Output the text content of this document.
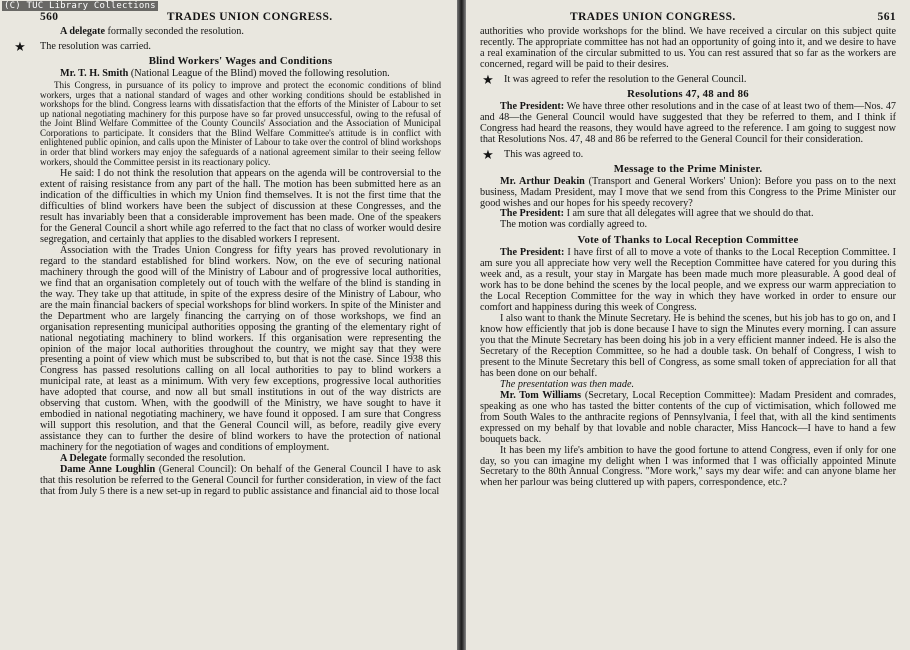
(C) TUC Library Collections
560	TRADES UNION CONGRESS.

A delegate formally seconded the resolution.

★	The resolution was carried.
Blind Workers' Wages and Conditions

Mr. T. H. Smith (National League of the Blind) moved the following resolution.

This Congress, in pursuance of its policy to improve and protect the economic conditions of blind workers, urges that a national standard of wages and other working conditions should be established in workshops for the blind. Congress learns with dissatisfaction that the efforts of the Minister of Labour to set up national negotiating machinery for this purpose have so far proved unsuccessful, owing to the refusal of the Joint Blind Welfare Committee of the County Councils' Association and the Association of Municipal Corporations to participate. It considers that the Blind Welfare Committee's attitude is in conflict with enlightened public opinion, and calls upon the Minister of Labour to take over the control of blind workshops in order that blind workers may enjoy the safeguards of a national agreement similar to their seeing fellow workers, should the Committee persist in its reactionary policy.

He said: I do not think the resolution that appears on the agenda will be controversial to the extent of raising resistance from any part of the hall. The motion has been submitted here as an indication of the difficulties in which my Union find themselves. It is not the first time that the difficulties of blind workers have been the subject of discussion at these Congresses, and the result has invariably been that a considerable improvement has been made. One of the speakers for the General Council a short while ago referred to the fact that no class of worker would desire segregation, and certainly that applies to the disabled workers I represent.

Association with the Trades Union Congress for fifty years has proved revolutionary in regard to the standard established for blind workers. Now, on the eve of securing national machinery through the good will of the Ministry of Labour and of progressive local authorities, we find that an organisation completely out of touch with the welfare of the blind is standing in the way. They take up that attitude, in spite of the express desire of the Ministry of Labour, who are the main financial backers of special workshops for blind workers. In spite of the Minister and the Department who are largely financing the carrying on of those workshops, we find an organisation representing municipal authorities opposing the granting of the elementary right of national negotiating machinery to blind workers. If this organisation were representing the opinion of the major local authorities throughout the country, we might say that they were presenting a point of view which must be subscribed to, but that is not the case. Since 1938 this Congress has passed resolutions calling on all local authorities to pay to blind workers a municipal rate, at least as a minimum. With very few exceptions, progressive local authorities have adopted that course, and now all but small institutions in out of the way districts are observing that custom. When, with the goodwill of the Ministry, we have sought to have it embodied in national negotiating machinery, we have found it opposed. I am sure that Congress will support this resolution, and that the General Council will, as before, readily give every assistance they can to further the desire of blind workers to have the protection of national machinery for the negotiation of wages and conditions of employment.

A Delegate formally seconded the resolution.

Dame Anne Loughlin (General Council): On behalf of the General Council I have to ask that this resolution be referred to the General Council for further consideration, in view of the fact that from July 5 there is a new set-up in regard to public assistance and financial aid to those local

TRADES UNION CONGRESS.	561

authorities who provide workshops for the blind. We have received a circular on this subject quite recently. The appropriate committee has not had an opportunity of going into it, and we desire to have a real examination of the circular submitted to us. You can rest assured that so far as the workers are concerned, regard will be paid to their desires.

★ It was agreed to refer the resolution to the General Council.
Resolutions 47, 48 and 86

The President: We have three other resolutions and in the case of at least two of them—Nos. 47 and 48—the General Council would have suggested that they be referred to them, and I think if Congress had heard the reasons, they would have agreed to the reference. I am going to suggest now that Resolutions Nos. 47, 48 and 86 be referred to the General Council for their consideration.

★ This was agreed to.
Message to the Prime Minister.

Mr. Arthur Deakin (Transport and General Workers' Union): Before you pass on to the next business, Madam President, may I move that we send from this Congress to the Prime Minister our good wishes and our hopes for his speedy recovery?

The President: I am sure that all delegates will agree that we should do that.

The motion was cordially agreed to.

Vote of Thanks to Local Reception Committee

The President: I have first of all to move a vote of thanks to the Local Reception Committee. I am sure you all appreciate how very well the Reception Committee have catered for you during this week and, as a result, your stay in Margate has been made much more pleasurable. A good deal of work has to be done behind the scenes by the local people, and we express our warm appreciation to the Local Reception Committee for the way in which they have worked in order to ensure our comfort and happiness during this week of Congress.

I also want to thank the Minute Secretary. He is behind the scenes, but his job has to go on, and I know how efficiently that job is done because I have to sign the Minutes every morning. I can assure you that the Minute Secretary has been doing his job in a very efficient manner indeed. He is also the Secretary of the Reception Committee, so he had a double task. On behalf of Congress, I wish to present to the Minute Secretary this bell of Congress, as some small token of appreciation for all that has been done on our behalf.

The presentation was then made.

Mr. Tom Williams (Secretary, Local Reception Committee): Madam President and comrades, speaking as one who has tasted the bitter contents of the cup of victimisation, which followed me from South Wales to the anthracite regions of Pennsylvania, I feel that, with all the kind sentiments expressed on my behalf by that lovable and noble character, Miss Hancock—I have to hand a few bouquets back.

It has been my life's ambition to have the good fortune to attend Congress, even if only for one day, so you can imagine my delight when I was informed that I was officially appointed Minute Secretary to the 80th Annual Congress. "More work," says my dear wife: and can anyone blame her when her parlour was being cluttered up with papers, correspondence, etc.?
